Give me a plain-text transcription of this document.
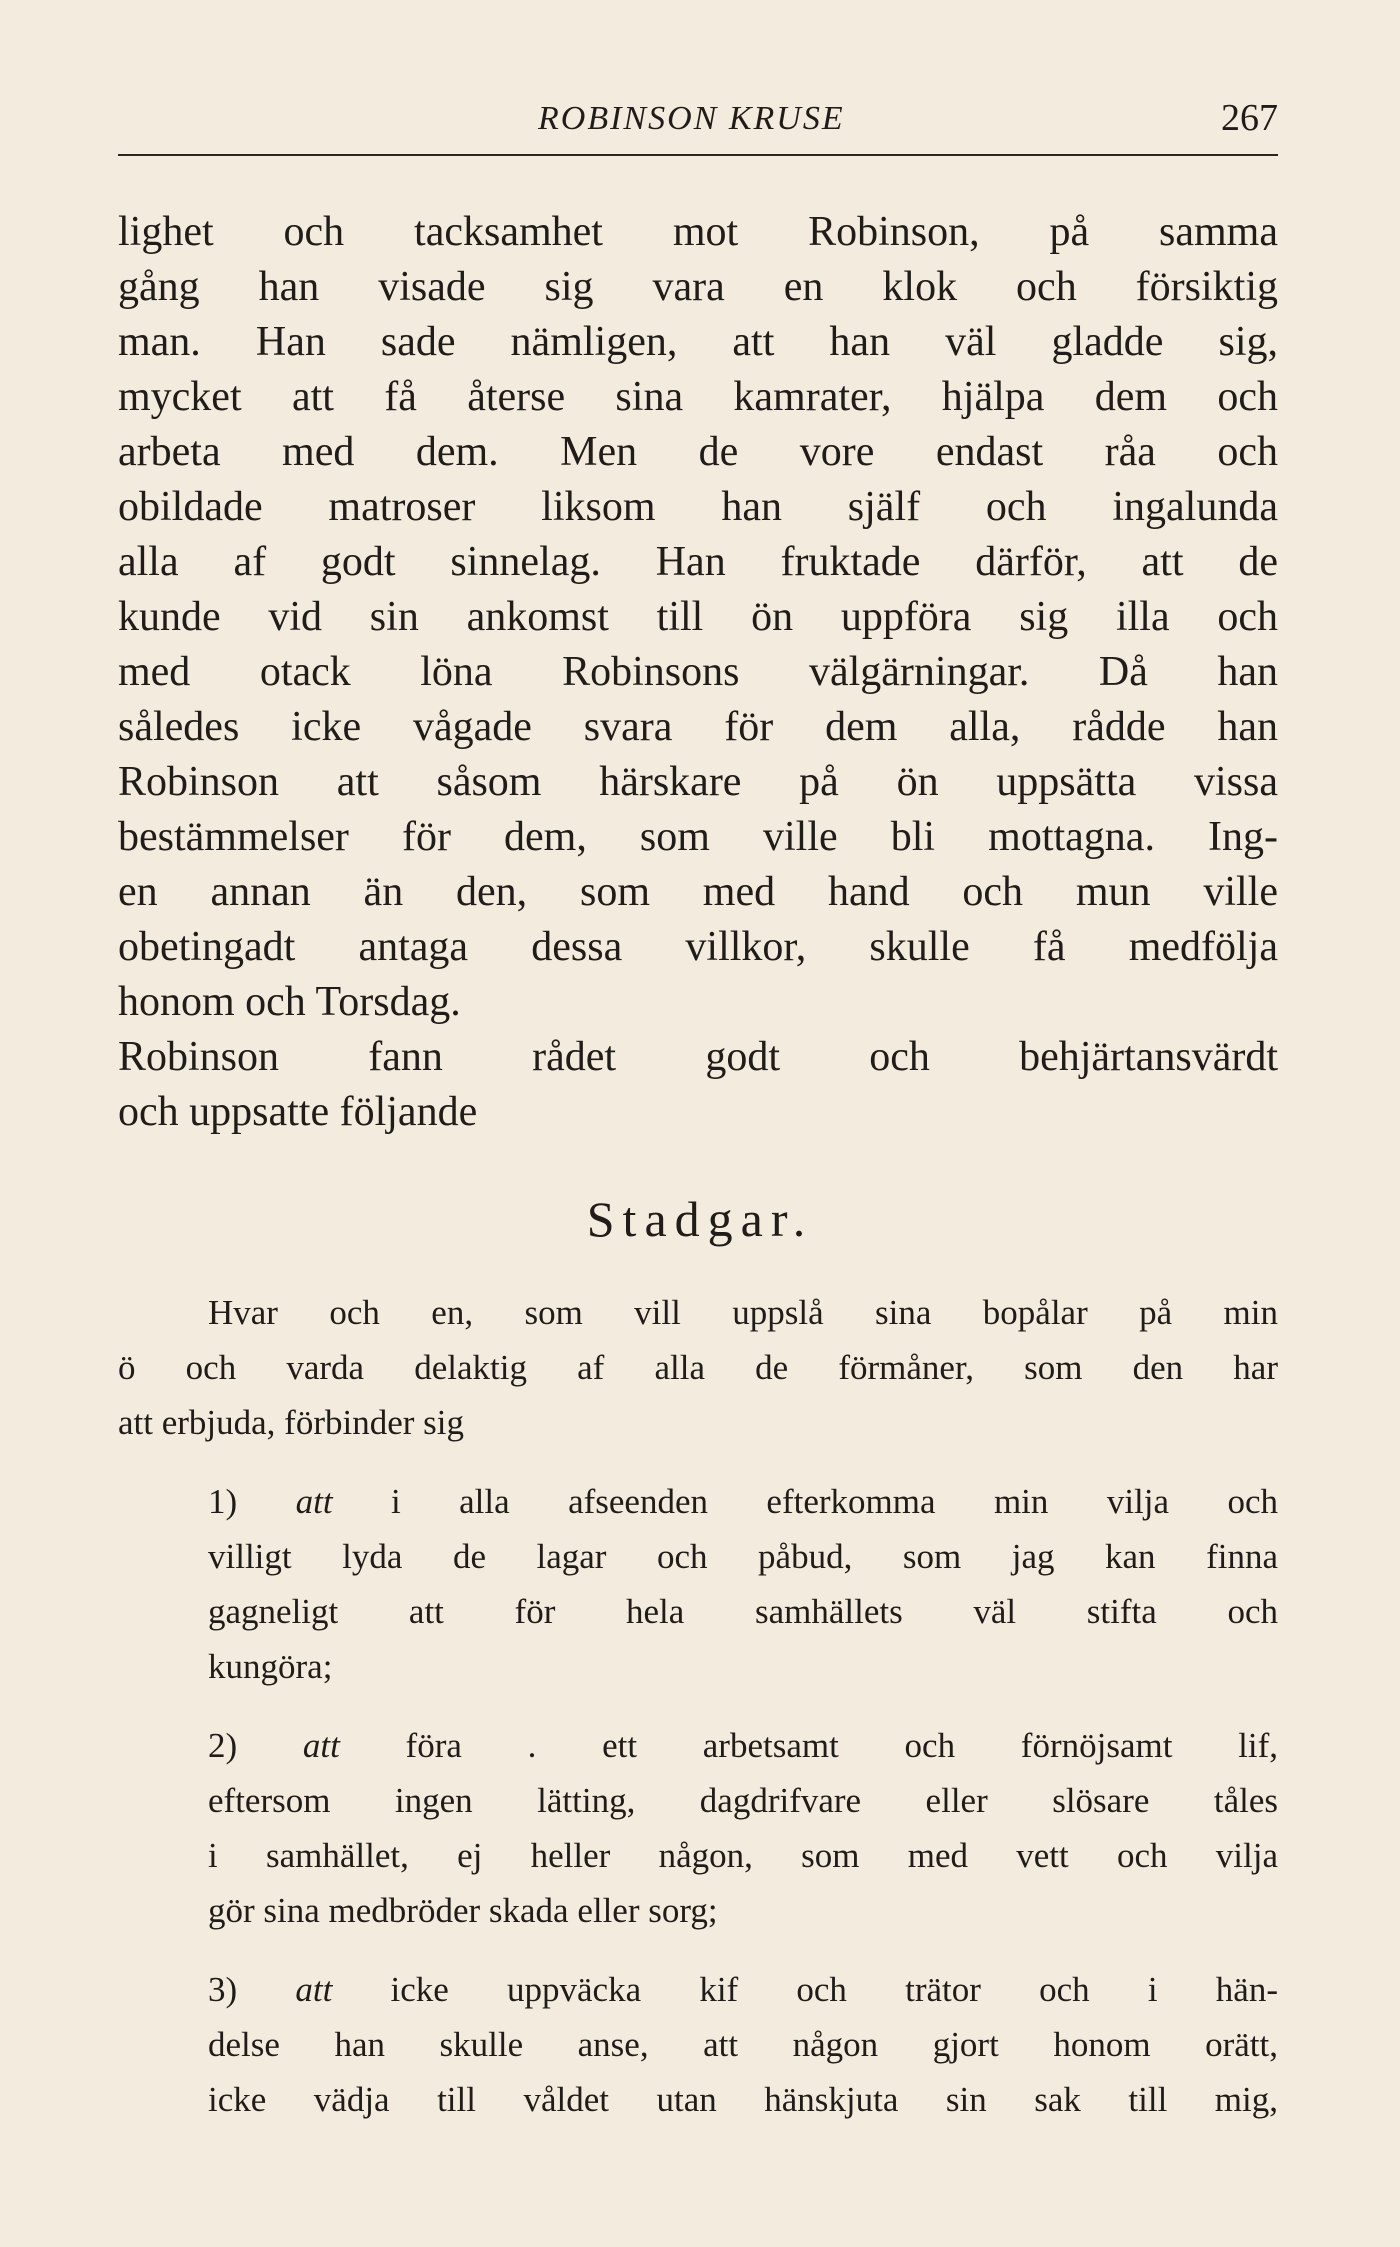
ROBINSON KRUSE	267
lighet och tacksamhet mot Robinson, på samma
gång han visade sig vara en klok och försiktig
man. Han sade nämligen, att han väl gladde sig,
mycket att få återse sina kamrater, hjälpa dem och
arbeta med dem. Men de vore endast råa och
obildade matroser liksom han själf och ingalunda
alla af godt sinnelag. Han fruktade därför, att de
kunde vid sin ankomst till ön uppföra sig illa och
med otack löna Robinsons välgärningar. Då han
således icke vågade svara för dem alla, rådde han
Robinson att såsom härskare på ön uppsätta vissa
bestämmelser för dem, som ville bli mottagna. Ing-
en annan än den, som med hand och mun ville
obetingadt antaga dessa villkor, skulle få medfölja
honom och Torsdag.
Robinson fann rådet godt och behjärtansvärdt
och uppsatte följande
Stadgar.
Hvar och en, som vill uppslå sina bopålar på min
ö och varda delaktig af alla de förmåner, som den har
att erbjuda, förbinder sig
1) att i alla afseenden efterkomma min vilja och
villigt lyda de lagar och påbud, som jag kan finna
gagneligt att för hela samhällets väl stifta och
kungöra;
2) att föra . ett arbetsamt och förnöjsamt lif,
eftersom ingen lätting, dagdrifvare eller slösare tåles
i samhället, ej heller någon, som med vett och vilja
gör sina medbröder skada eller sorg;
3) att icke uppväcka kif och trätor och i hän-
delse han skulle anse, att någon gjort honom orätt,
icke vädja till våldet utan hänskjuta sin sak till mig,
